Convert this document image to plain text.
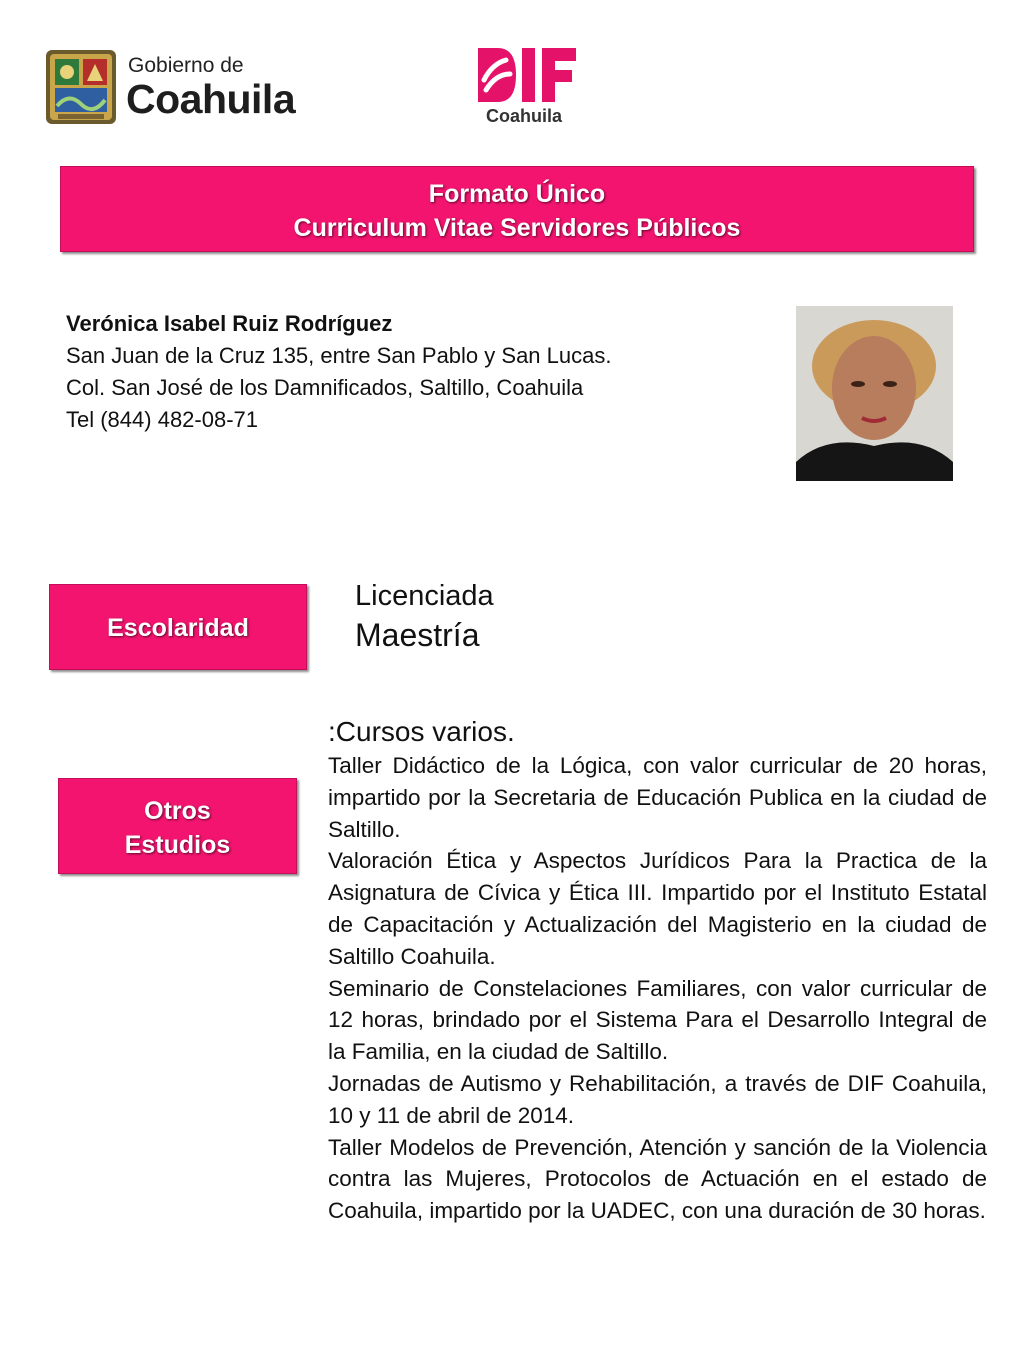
Gobierno de
Coahuila
DIF
Coahuila
Formato Único
Curriculum Vitae Servidores Públicos
Verónica Isabel Ruiz Rodríguez
San Juan de la Cruz 135, entre San Pablo y San Lucas.
Col. San José de los Damnificados, Saltillo, Coahuila
Tel (844) 482-08-71
Escolaridad
Licenciada
Maestría
Otros
Estudios
:Cursos varios.

Taller Didáctico de la Lógica, con valor curricular de 20 horas, impartido por la Secretaria de Educación Publica en la ciudad de Saltillo.

Valoración Ética y Aspectos Jurídicos Para la Practica de la Asignatura de Cívica y Ética III. Impartido por el Instituto Estatal de Capacitación y Actualización del Magisterio en la ciudad de Saltillo Coahuila.

Seminario de Constelaciones Familiares, con valor curricular de 12 horas, brindado por el Sistema Para el Desarrollo Integral de la Familia, en la ciudad de Saltillo.

Jornadas de Autismo y Rehabilitación, a través de DIF Coahuila, 10 y 11 de abril de 2014.

Taller Modelos de Prevención, Atención y sanción de la Violencia contra las Mujeres, Protocolos de Actuación en el estado de Coahuila, impartido por la UADEC, con una duración de 30 horas.
